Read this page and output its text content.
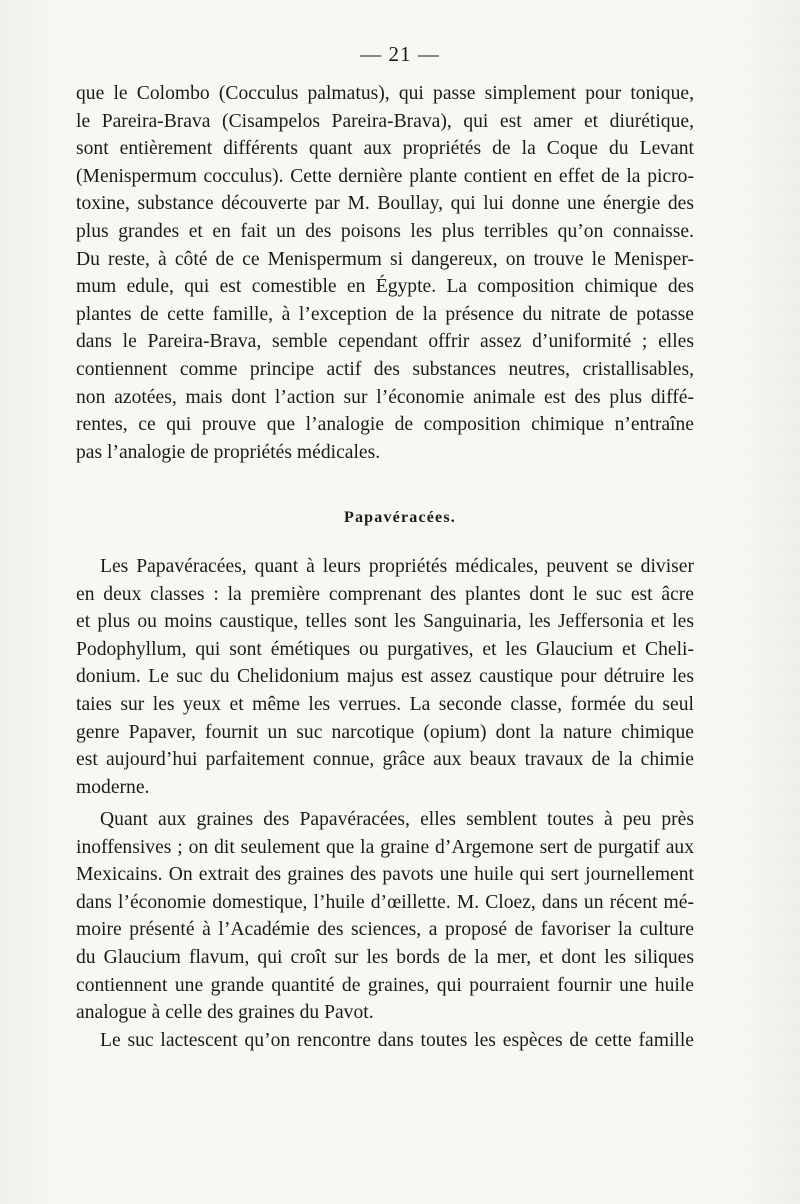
— 21 —
que le Colombo (Cocculus palmatus), qui passe simplement pour tonique,
le Pareira-Brava (Cisampelos Pareira-Brava), qui est amer et diurétique,
sont entièrement différents quant aux propriétés de la Coque du Levant
(Menispermum cocculus). Cette dernière plante contient en effet de la picro-
toxine, substance découverte par M. Boullay, qui lui donne une énergie des
plus grandes et en fait un des poisons les plus terribles qu’on connaisse.
Du reste, à côté de ce Menispermum si dangereux, on trouve le Menisper-
mum edule, qui est comestible en Égypte. La composition chimique des
plantes de cette famille, à l’exception de la présence du nitrate de potasse
dans le Pareira-Brava, semble cependant offrir assez d’uniformité ; elles
contiennent comme principe actif des substances neutres, cristallisables,
non azotées, mais dont l’action sur l’économie animale est des plus diffé-
rentes, ce qui prouve que l’analogie de composition chimique n’entraîne
pas l’analogie de propriétés médicales.
Papavéracées.
Les Papavéracées, quant à leurs propriétés médicales, peuvent se diviser
en deux classes : la première comprenant des plantes dont le suc est âcre
et plus ou moins caustique, telles sont les Sanguinaria, les Jeffersonia et les
Podophyllum, qui sont émétiques ou purgatives, et les Glaucium et Cheli-
donium. Le suc du Chelidonium majus est assez caustique pour détruire les
taies sur les yeux et même les verrues. La seconde classe, formée du seul
genre Papaver, fournit un suc narcotique (opium) dont la nature chimique
est aujourd’hui parfaitement connue, grâce aux beaux travaux de la chimie
moderne.
Quant aux graines des Papavéracées, elles semblent toutes à peu près
inoffensives ; on dit seulement que la graine d’Argemone sert de purgatif aux
Mexicains. On extrait des graines des pavots une huile qui sert journellement
dans l’économie domestique, l’huile d’œillette. M. Cloez, dans un récent mé-
moire présenté à l’Académie des sciences, a proposé de favoriser la culture
du Glaucium flavum, qui croît sur les bords de la mer, et dont les siliques
contiennent une grande quantité de graines, qui pourraient fournir une huile
analogue à celle des graines du Pavot.
Le suc lactescent qu’on rencontre dans toutes les espèces de cette famille
